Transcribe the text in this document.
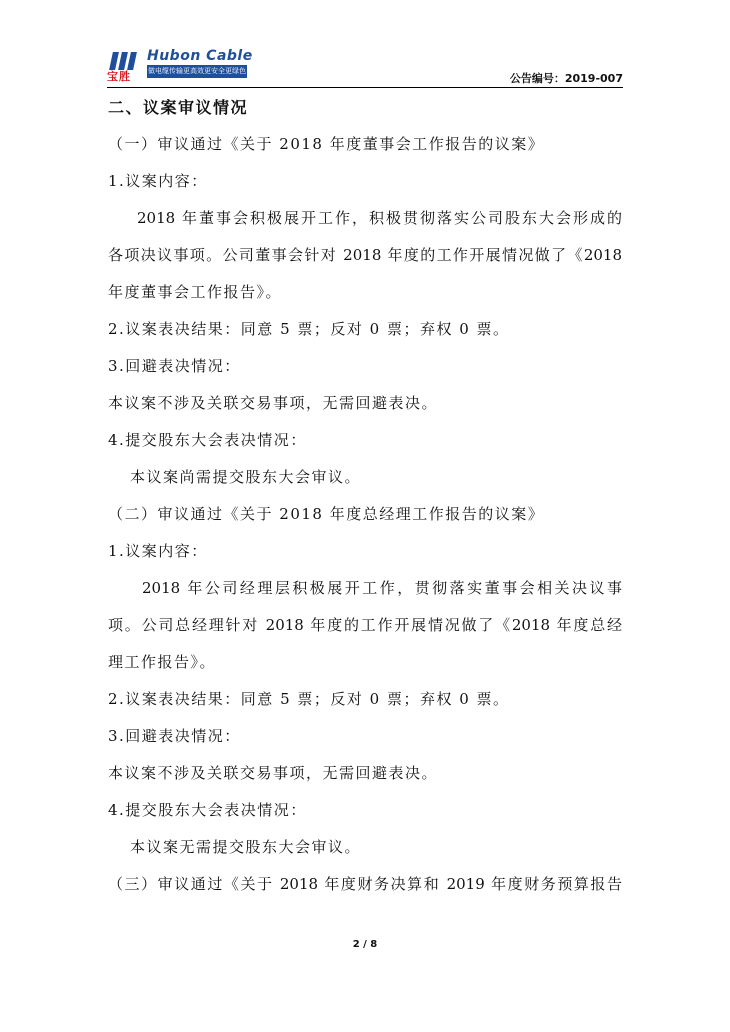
宝胜
Hubon Cable
做电缆传输更高效更安全更绿色
公告编号：2019-007
二、议案审议情况
（一）审议通过《关于 2018 年度董事会工作报告的议案》
1.议案内容：
2018 年董事会积极展开工作，积极贯彻落实公司股东大会形成的
各项决议事项。公司董事会针对 2018 年度的工作开展情况做了《2018
年度董事会工作报告》。
2.议案表决结果：同意 5 票；反对 0 票；弃权 0 票。
3.回避表决情况：
本议案不涉及关联交易事项，无需回避表决。
4.提交股东大会表决情况：
本议案尚需提交股东大会审议。
（二）审议通过《关于 2018 年度总经理工作报告的议案》
1.议案内容：
2018 年公司经理层积极展开工作，贯彻落实董事会相关决议事
项。公司总经理针对 2018 年度的工作开展情况做了《2018 年度总经
理工作报告》。
2.议案表决结果：同意 5 票；反对 0 票；弃权 0 票。
3.回避表决情况：
本议案不涉及关联交易事项，无需回避表决。
4.提交股东大会表决情况：
本议案无需提交股东大会审议。
（三）审议通过《关于 2018 年度财务决算和 2019 年度财务预算报告
2 / 8
